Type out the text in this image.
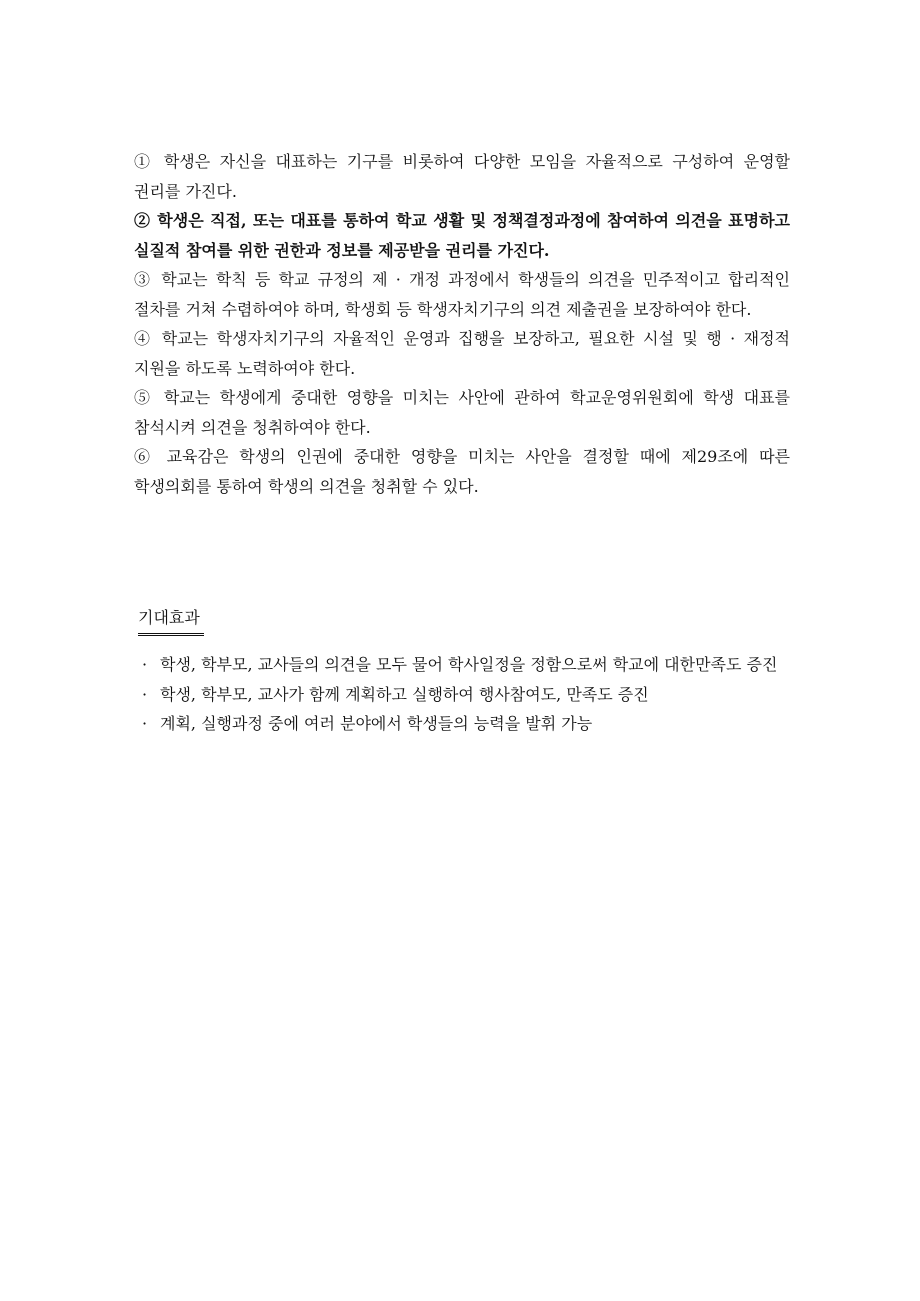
① 학생은 자신을 대표하는 기구를 비롯하여 다양한 모임을 자율적으로 구성하여 운영할 권리를 가진다.

② 학생은 직접, 또는 대표를 통하여 학교 생활 및 정책결정과정에 참여하여 의견을 표명하고 실질적 참여를 위한 권한과 정보를 제공받을 권리를 가진다.

③ 학교는 학칙 등 학교 규정의 제 · 개정 과정에서 학생들의 의견을 민주적이고 합리적인 절차를 거쳐 수렴하여야 하며, 학생회 등 학생자치기구의 의견 제출권을 보장하여야 한다.

④ 학교는 학생자치기구의 자율적인 운영과 집행을 보장하고, 필요한 시설 및 행 · 재정적 지원을 하도록 노력하여야 한다.

⑤ 학교는 학생에게 중대한 영향을 미치는 사안에 관하여 학교운영위원회에 학생 대표를 참석시켜 의견을 청취하여야 한다.

⑥ 교육감은 학생의 인권에 중대한 영향을 미치는 사안을 결정할 때에 제29조에 따른 학생의회를 통하여 학생의 의견을 청취할 수 있다.

기대효과
· 학생, 학부모, 교사들의 의견을 모두 물어 학사일정을 정함으로써 학교에 대한만족도 증진
· 학생, 학부모, 교사가 함께 계획하고 실행하여 행사참여도, 만족도 증진
· 계획, 실행과정 중에 여러 분야에서 학생들의 능력을 발휘 가능
